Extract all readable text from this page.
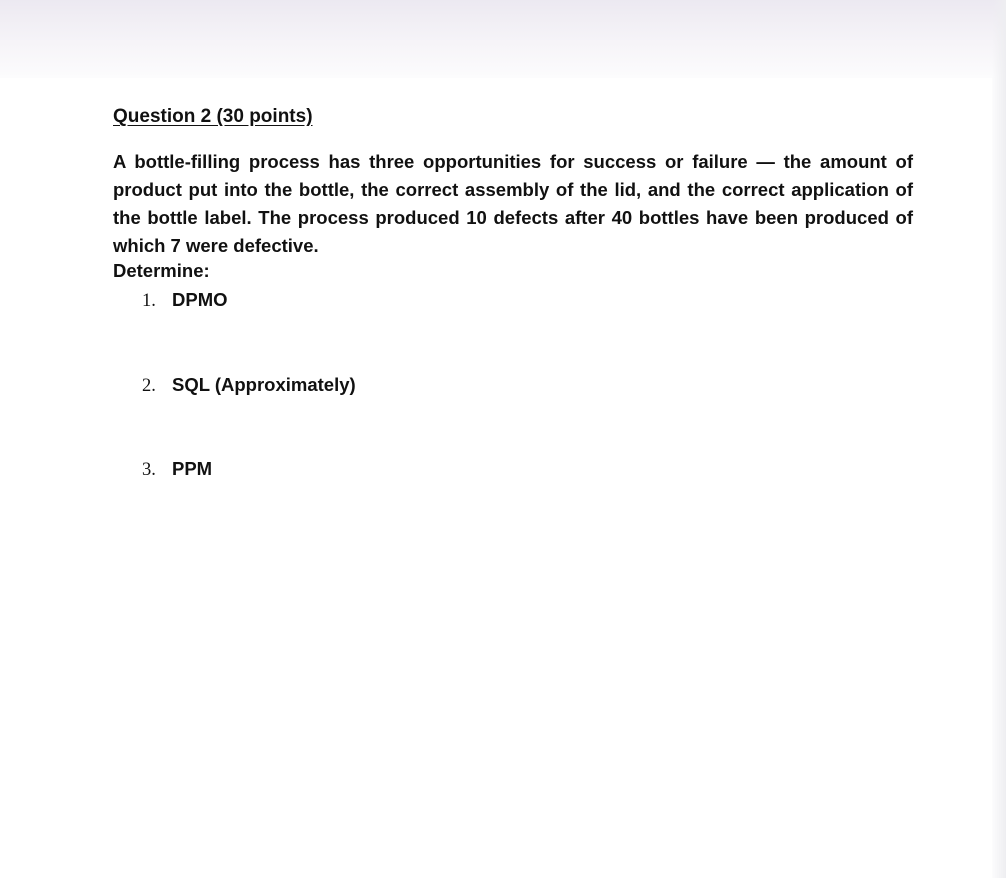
Question 2 (30 points)

A bottle-filling process has three opportunities for success or failure — the amount of product put into the bottle, the correct assembly of the lid, and the correct application of the bottle label. The process produced 10 defects after 40 bottles have been produced of which 7 were defective.

Determine:
1. DPMO
2. SQL (Approximately)
3. PPM
